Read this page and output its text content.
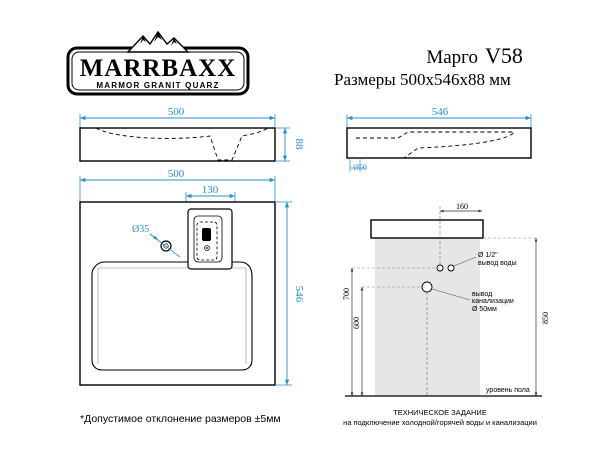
MARRBAXX
MARMOR GRANIT QUARZ
Марго V58
Размеры 500х546х88 мм
500
88
546
Ø50
500
130
Ø35
546
160
Ø 1/2"
вывод воды
вывод
канализации
Ø 50мм
700
600	850
уровень пола
*Допустимое отклонение размеров ±5мм
ТЕХНИЧЕСКОЕ ЗАДАНИЕ
на подключение холодной/горячей воды и канализации
